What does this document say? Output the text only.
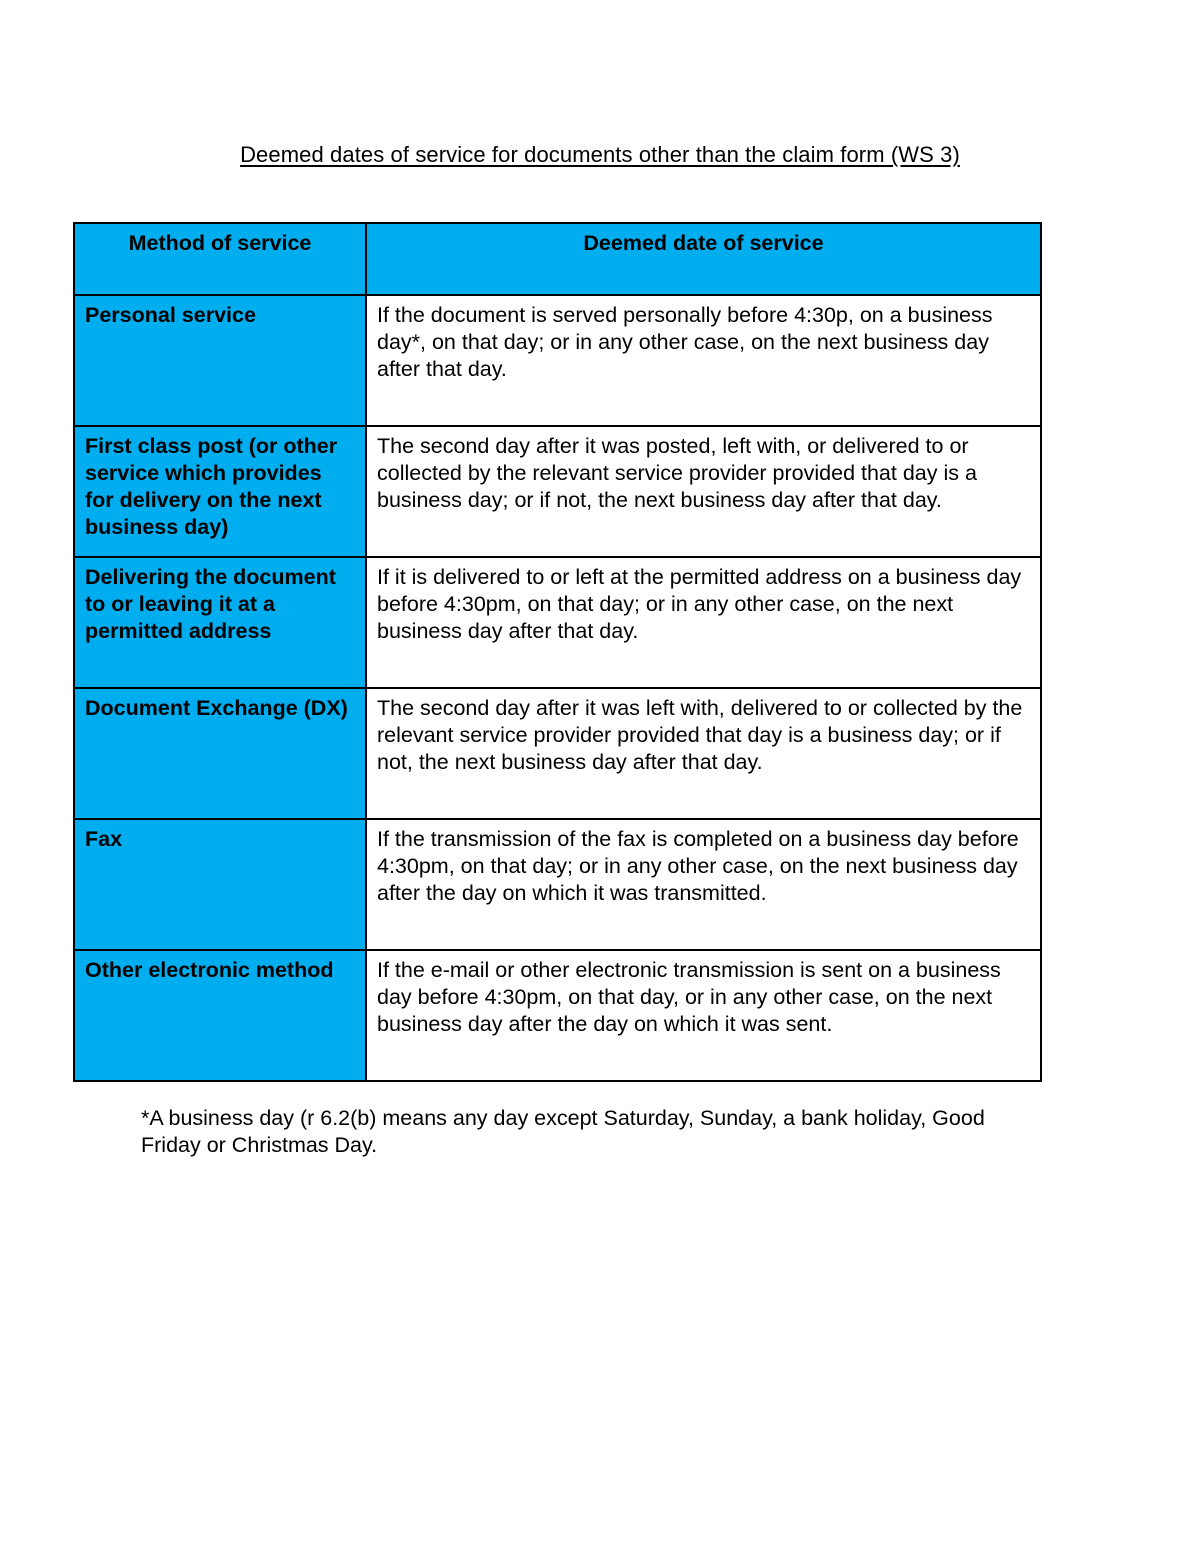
Deemed dates of service for documents other than the claim form (WS 3)
Method of service	Deemed date of service
Personal service	If the document is served personally before 4:30p, on a business day*, on that day; or in any other case, on the next business day after that day.
First class post (or other service which provides for delivery on the next business day)	The second day after it was posted, left with, or delivered to or collected by the relevant service provider provided that day is a business day; or if not, the next business day after that day.
Delivering the document to or leaving it at a permitted address	If it is delivered to or left at the permitted address on a business day before 4:30pm, on that day; or in any other case, on the next business day after that day.
Document Exchange (DX)	The second day after it was left with, delivered to or collected by the relevant service provider provided that day is a business day; or if not, the next business day after that day.
Fax	If the transmission of the fax is completed on a business day before 4:30pm, on that day; or in any other case, on the next business day after the day on which it was transmitted.
Other electronic method	If the e-mail or other electronic transmission is sent on a business day before 4:30pm, on that day, or in any other case, on the next business day after the day on which it was sent.
*A business day (r 6.2(b) means any day except Saturday, Sunday, a bank holiday, Good Friday or Christmas Day.
